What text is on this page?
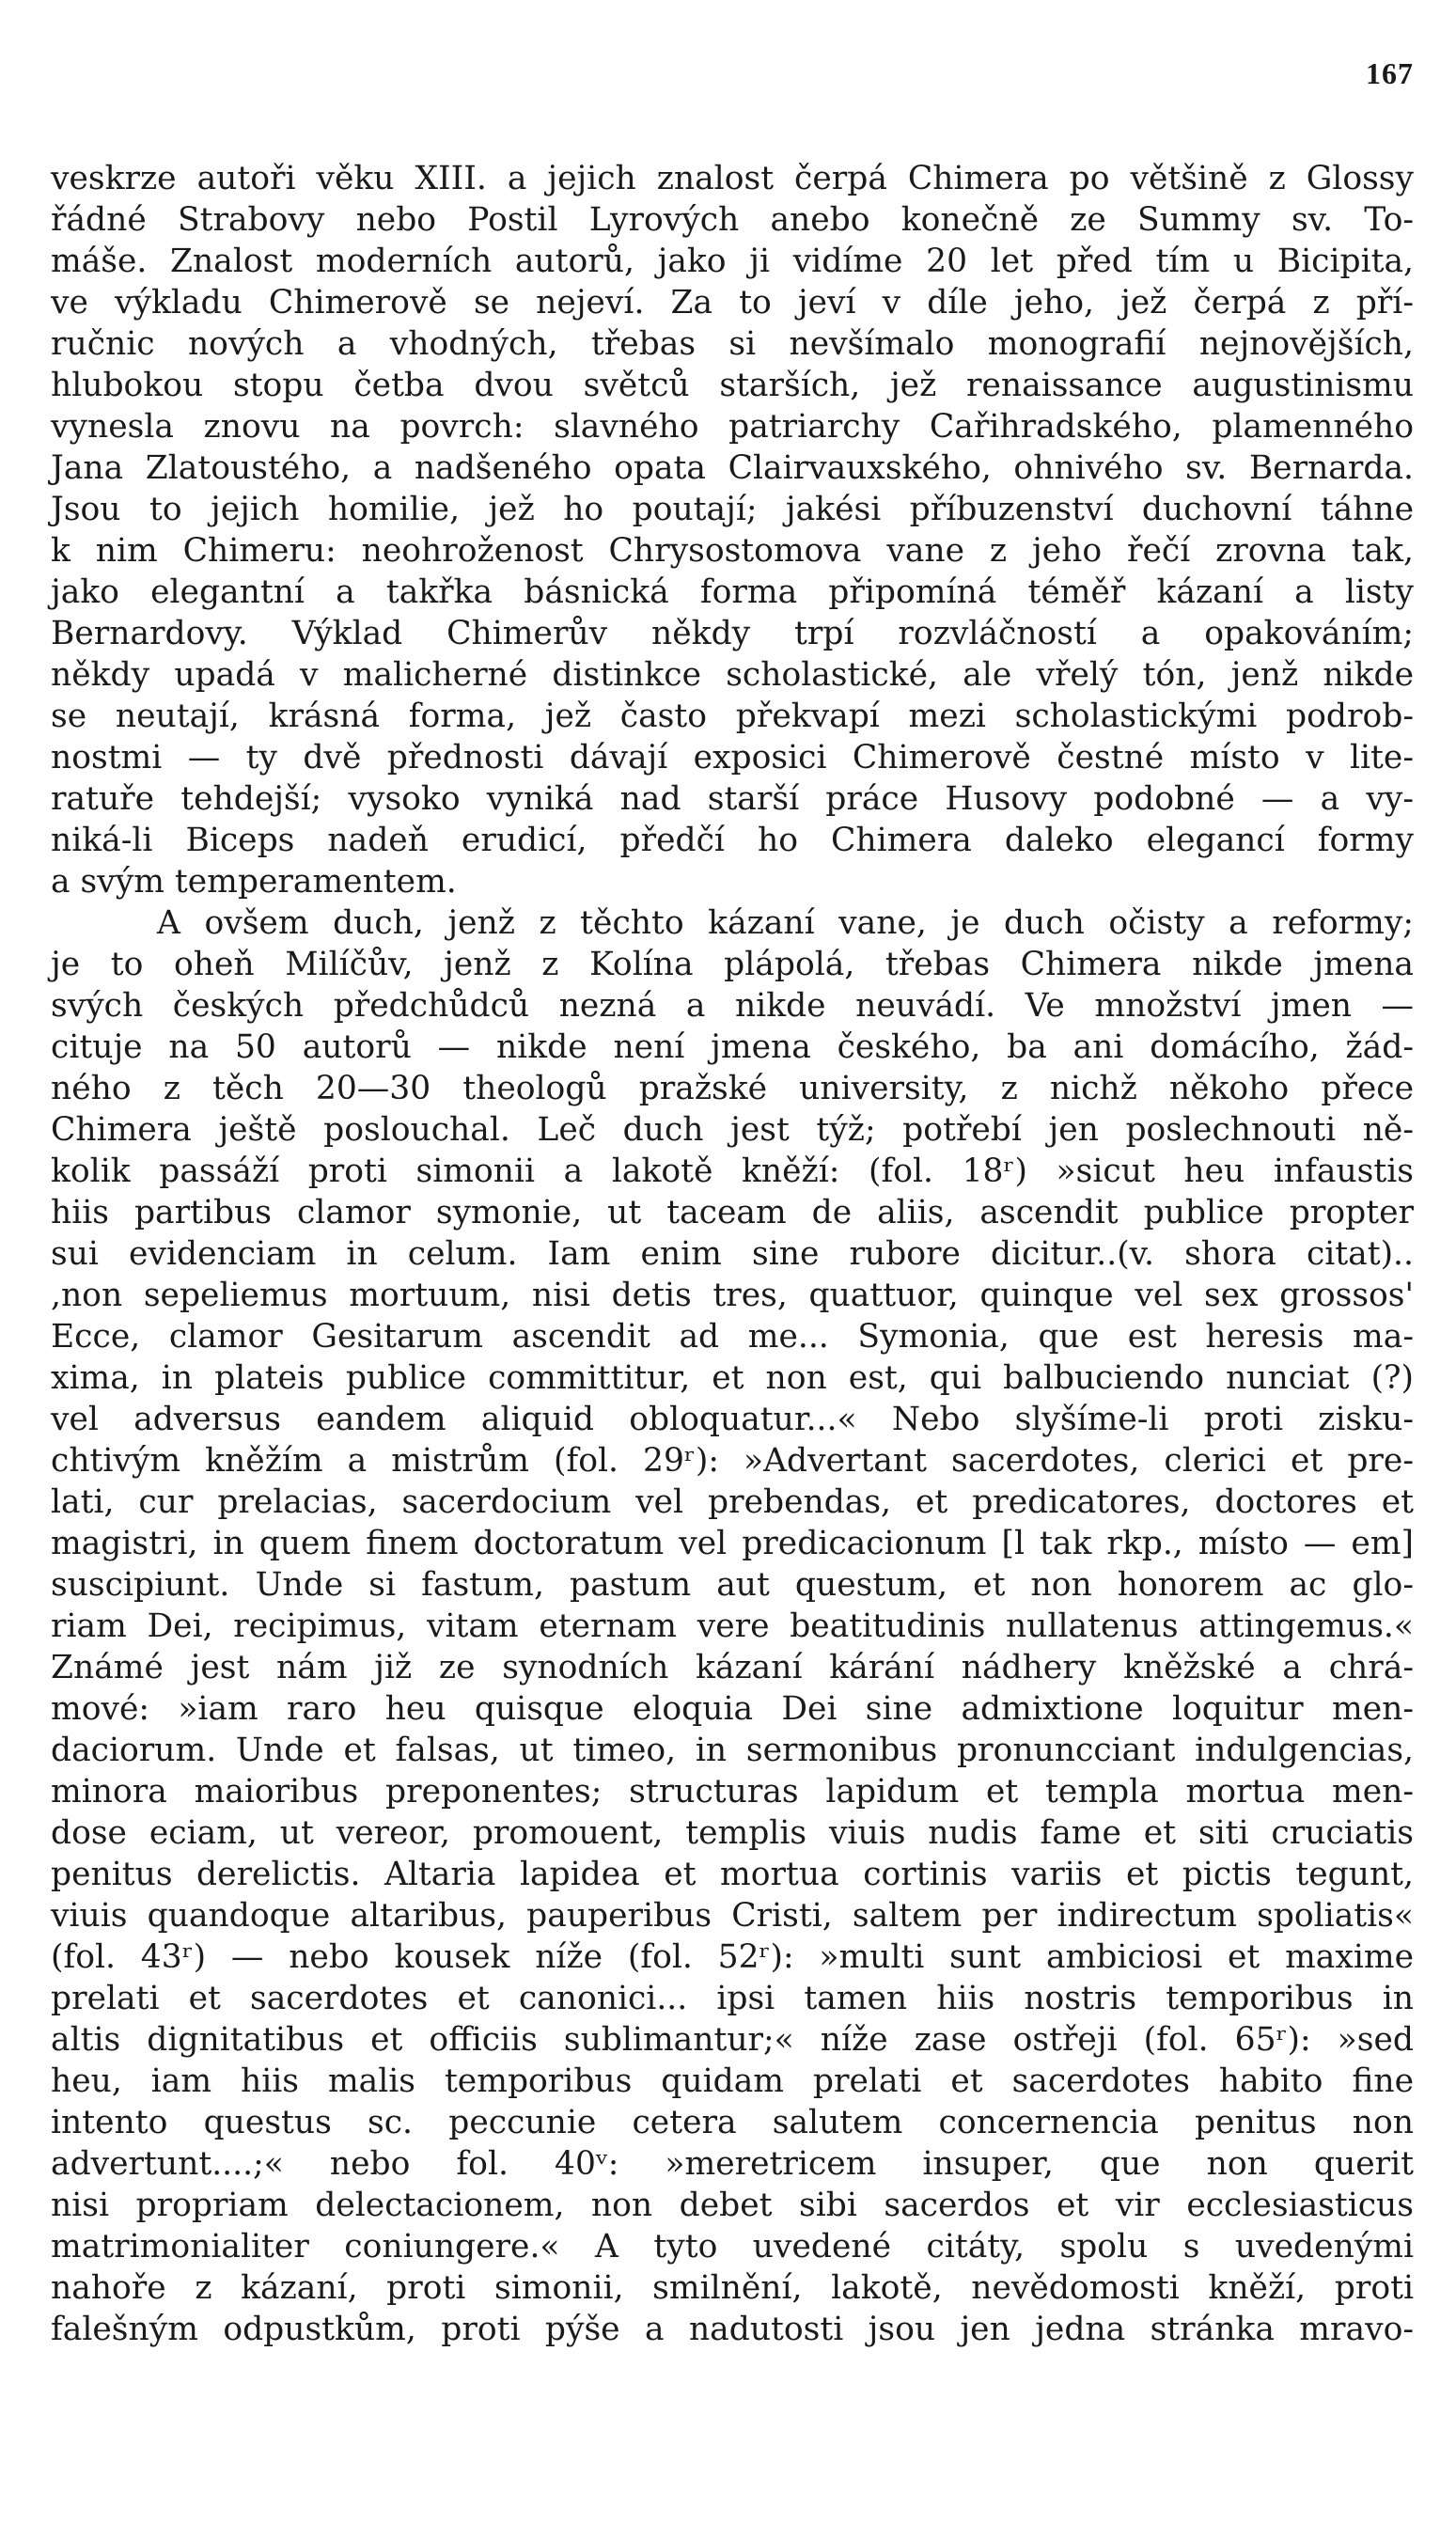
167
veskrze autoři věku XIII. a jejich znalost čerpá Chimera po většině z Glossy
řádné Strabovy nebo Postil Lyrových anebo konečně ze Summy sv. To-
máše. Znalost moderních autorů, jako ji vidíme 20 let před tím u Bicipita,
ve výkladu Chimerově se nejeví. Za to jeví v díle jeho, jež čerpá z pří-
ručnic nových a vhodných, třebas si nevšímalo monografií nejnovějších,
hlubokou stopu četba dvou světců starších, jež renaissance augustinismu
vynesla znovu na povrch: slavného patriarchy Cařihradského, plamenného
Jana Zlatoustého, a nadšeného opata Clairvauxského, ohnivého sv. Bernarda.
Jsou to jejich homilie, jež ho poutají; jakési příbuzenství duchovní táhne
k nim Chimeru: neohroženost Chrysostomova vane z jeho řečí zrovna tak,
jako elegantní a takřka básnická forma připomíná téměř kázaní a listy
Bernardovy. Výklad Chimerův někdy trpí rozvláčností a opakováním;
někdy upadá v malicherné distinkce scholastické, ale vřelý tón, jenž nikde
se neutají, krásná forma, jež často překvapí mezi scholastickými podrob-
nostmi — ty dvě přednosti dávají exposici Chimerově čestné místo v lite-
ratuře tehdejší; vysoko vyniká nad starší práce Husovy podobné — a vy-
niká-li Biceps nadeň erudicí, předčí ho Chimera daleko elegancí formy
a svým temperamentem.
A ovšem duch, jenž z těchto kázaní vane, je duch očisty a reformy;
je to oheň Milíčův, jenž z Kolína plápolá, třebas Chimera nikde jmena
svých českých předchůdců nezná a nikde neuvádí. Ve množství jmen —
cituje na 50 autorů — nikde není jmena českého, ba ani domácího, žád-
ného z těch 20—30 theologů pražské university, z nichž někoho přece
Chimera ještě poslouchal. Leč duch jest týž; potřebí jen poslechnouti ně-
kolik passáží proti simonii a lakotě kněží: (fol. 18ʳ) »sicut heu infaustis
hiis partibus clamor symonie, ut taceam de aliis, ascendit publice propter
sui evidenciam in celum. Iam enim sine rubore dicitur..(v. shora citat)..
,non sepeliemus mortuum, nisi detis tres, quattuor, quinque vel sex grossos'
Ecce, clamor Gesitarum ascendit ad me... Symonia, que est heresis ma-
xima, in plateis publice committitur, et non est, qui balbuciendo nunciat (?)
vel adversus eandem aliquid obloquatur...« Nebo slyšíme-li proti zisku-
chtivým kněžím a mistrům (fol. 29ʳ): »Advertant sacerdotes, clerici et pre-
lati, cur prelacias, sacerdocium vel prebendas, et predicatores, doctores et
magistri, in quem finem doctoratum vel predicacionum [l tak rkp., místo — em]
suscipiunt. Unde si fastum, pastum aut questum, et non honorem ac glo-
riam Dei, recipimus, vitam eternam vere beatitudinis nullatenus attingemus.«
Známé jest nám již ze synodních kázaní kárání nádhery kněžské a chrá-
mové: »iam raro heu quisque eloquia Dei sine admixtione loquitur men-
daciorum. Unde et falsas, ut timeo, in sermonibus pronuncciant indulgencias,
minora maioribus preponentes; structuras lapidum et templa mortua men-
dose eciam, ut vereor, promouent, templis viuis nudis fame et siti cruciatis
penitus derelictis. Altaria lapidea et mortua cortinis variis et pictis tegunt,
viuis quandoque altaribus, pauperibus Cristi, saltem per indirectum spoliatis«
(fol. 43ʳ) — nebo kousek níže (fol. 52ʳ): »multi sunt ambiciosi et maxime
prelati et sacerdotes et canonici... ipsi tamen hiis nostris temporibus in
altis dignitatibus et officiis sublimantur;« níže zase ostřeji (fol. 65ʳ): »sed
heu, iam hiis malis temporibus quidam prelati et sacerdotes habito fine
intento questus sc. peccunie cetera salutem concernencia penitus non
advertunt....;« nebo fol. 40ᵛ: »meretricem insuper, que non querit
nisi propriam delectacionem, non debet sibi sacerdos et vir ecclesiasticus
matrimonialiter coniungere.« A tyto uvedené citáty, spolu s uvedenými
nahoře z kázaní, proti simonii, smilnění, lakotě, nevědomosti kněží, proti
falešným odpustkům, proti pýše a nadutosti jsou jen jedna stránka mravo-
